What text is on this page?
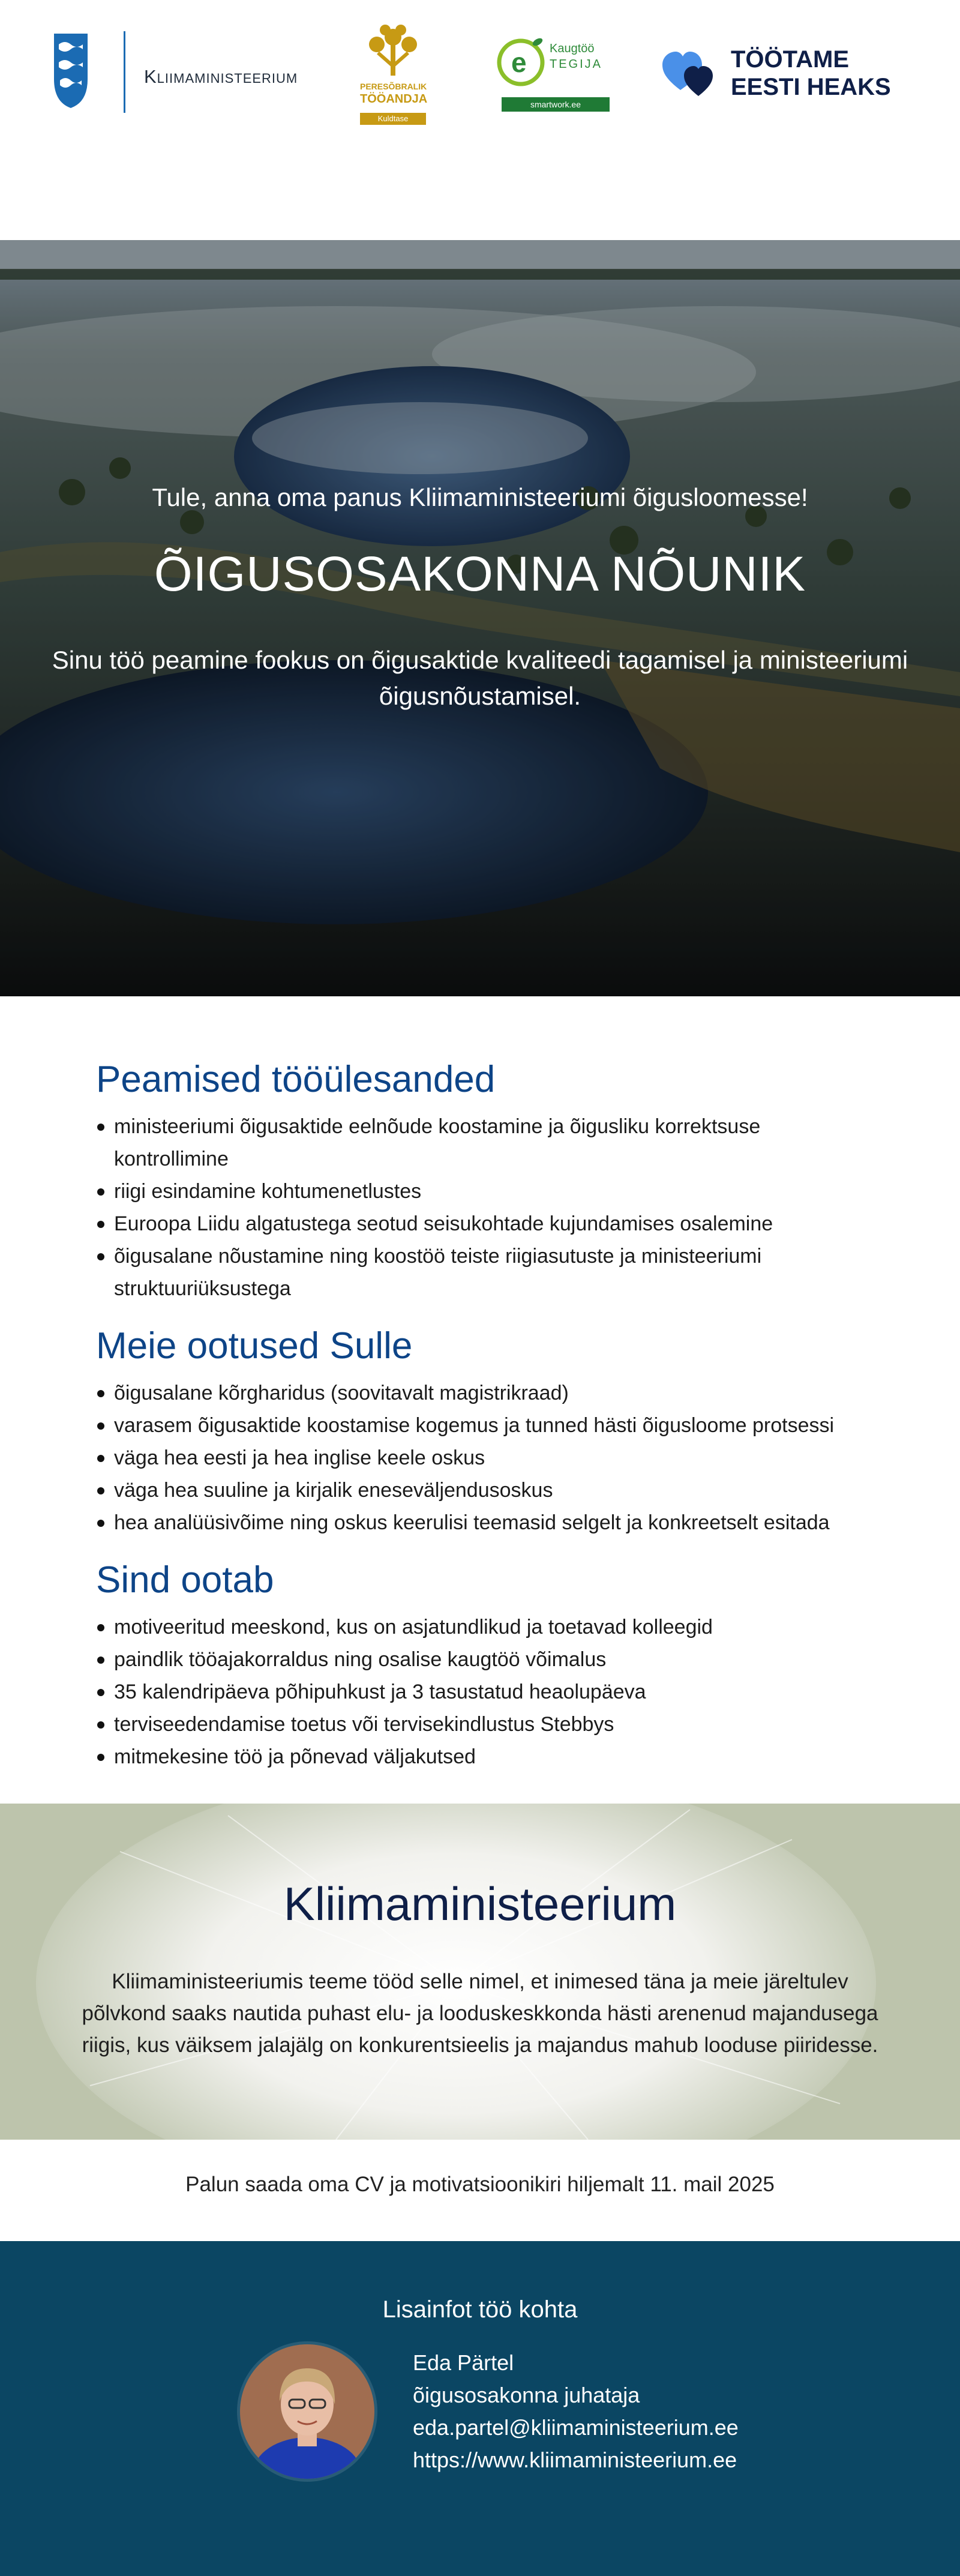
Kliimaministeerium	PERESÕBRALIK
TÖÖANDJA
Kuldtase
e Kaugtöö
TEGIJA
smartwork.ee
TÖÖTAME
EESTI HEAKS
Tule, anna oma panus Kliimaministeeriumi õigusloomesse!
ÕIGUSOSAKONNA NÕUNIK
Sinu töö peamine fookus on õigusaktide kvaliteedi tagamisel ja ministeeriumi õigusnõustamisel.
Peamised tööülesanded
ministeeriumi õigusaktide eelnõude koostamine ja õigusliku korrektsuse kontrollimine
riigi esindamine kohtumenetlustes
Euroopa Liidu algatustega seotud seisukohtade kujundamises osalemine
õigusalane nõustamine ning koostöö teiste riigiasutuste ja ministeeriumi struktuuriüksustega
Meie ootused Sulle
õigusalane kõrgharidus (soovitavalt magistrikraad)
varasem õigusaktide koostamise kogemus ja tunned hästi õigusloome protsessi
väga hea eesti ja hea inglise keele oskus
väga hea suuline ja kirjalik eneseväljendusoskus
hea analüüsivõime ning oskus keerulisi teemasid selgelt ja konkreetselt esitada
Sind ootab
motiveeritud meeskond, kus on asjatundlikud ja toetavad kolleegid
paindlik tööajakorraldus ning osalise kaugtöö võimalus
35 kalendripäeva põhipuhkust ja 3 tasustatud heaolupäeva
terviseedendamise toetus või tervisekindlustus Stebbys
mitmekesine töö ja põnevad väljakutsed
Kliimaministeerium
Kliimaministeeriumis teeme tööd selle nimel, et inimesed täna ja meie järeltulev põlvkond saaks nautida puhast elu- ja looduskeskkonda hästi arenenud majandusega riigis, kus väiksem jalajälg on konkurentsieelis ja majandus mahub looduse piiridesse.
Palun saada oma CV ja motivatsioonikiri hiljemalt 11. mail 2025
Lisainfot töö kohta
Eda Pärtel
õigusosakonna juhataja
eda.partel@kliimaministeerium.ee
https://www.kliimaministeerium.ee
